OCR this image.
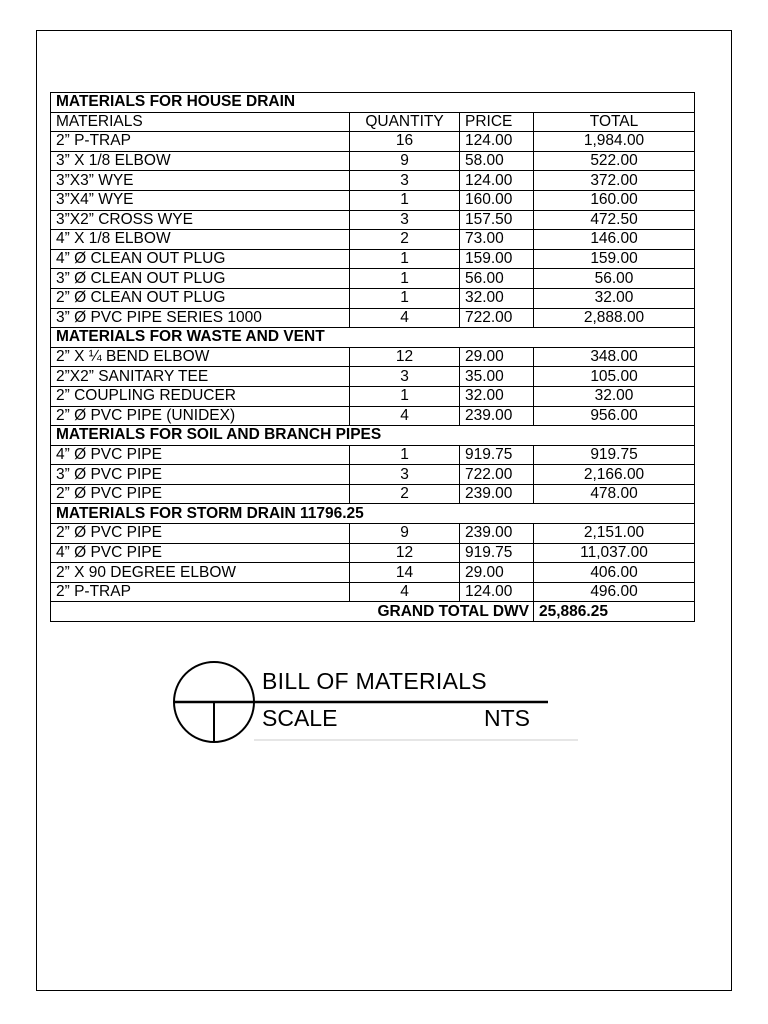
MATERIALS FOR HOUSE DRAIN			
MATERIALS	QUANTITY	PRICE	TOTAL
2” P-TRAP	16	124.00	1,984.00
3” X 1/8 ELBOW	9	58.00	522.00
3”X3” WYE	3	124.00	372.00
3”X4” WYE	1	160.00	160.00
3”X2” CROSS WYE	3	157.50	472.50
4” X 1/8 ELBOW	2	73.00	146.00
4” Ø CLEAN OUT PLUG	1	159.00	159.00
3” Ø CLEAN OUT PLUG	1	56.00	56.00
2” Ø CLEAN OUT PLUG	1	32.00	32.00
3” Ø PVC PIPE SERIES 1000	4	722.00	2,888.00
MATERIALS FOR WASTE AND VENT			
2” X ¼ BEND ELBOW	12	29.00	348.00
2”X2” SANITARY TEE	3	35.00	105.00
2” COUPLING REDUCER	1	32.00	32.00
2” Ø PVC PIPE (UNIDEX)	4	239.00	956.00
MATERIALS FOR SOIL AND BRANCH PIPES			
4” Ø PVC PIPE	1	919.75	919.75
3” Ø PVC PIPE	3	722.00	2,166.00
2” Ø PVC PIPE	2	239.00	478.00
MATERIALS FOR STORM DRAIN 11796.25			
2” Ø PVC PIPE	9	239.00	2,151.00
4” Ø PVC PIPE	12	919.75	11,037.00
2” X 90 DEGREE ELBOW	14	29.00	406.00
2” P-TRAP	4	124.00	496.00
GRAND TOTAL DWV			25,886.25
BILL OF MATERIALS
SCALE	NTS
